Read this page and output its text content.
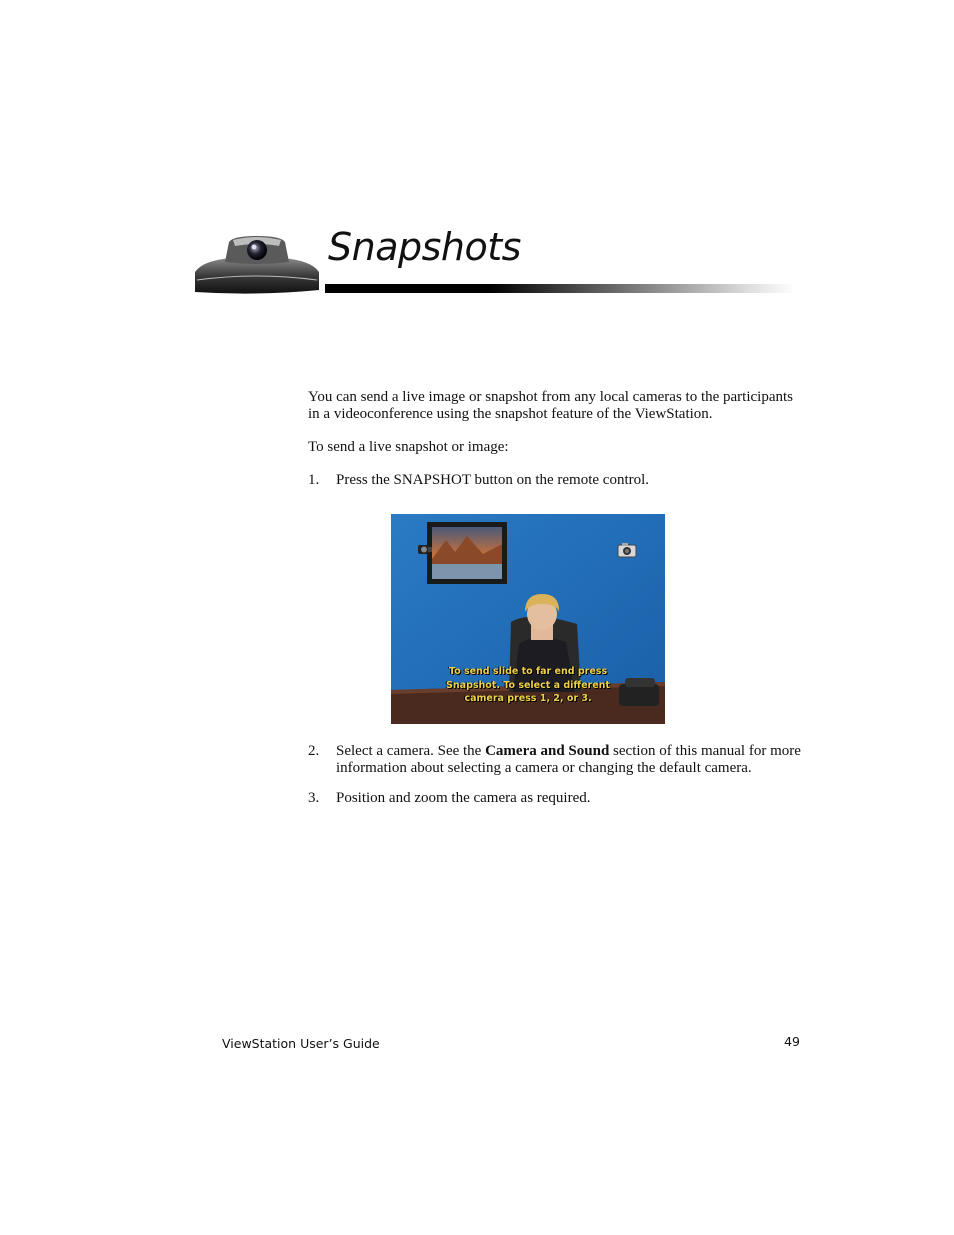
Snapshots

You can send a live image or snapshot from any local cameras to the participants in a videoconference using the snapshot feature of the ViewStation.

To send a live snapshot or image:

1. Press the SNAPSHOT button on the remote control.
To send slide to far end press
Snapshot. To select a different
camera press 1, 2, or 3.
2. Select a camera. See the Camera and Sound section of this manual for more information about selecting a camera or changing the default camera.
3. Position and zoom the camera as required.
ViewStation User’s Guide	49
